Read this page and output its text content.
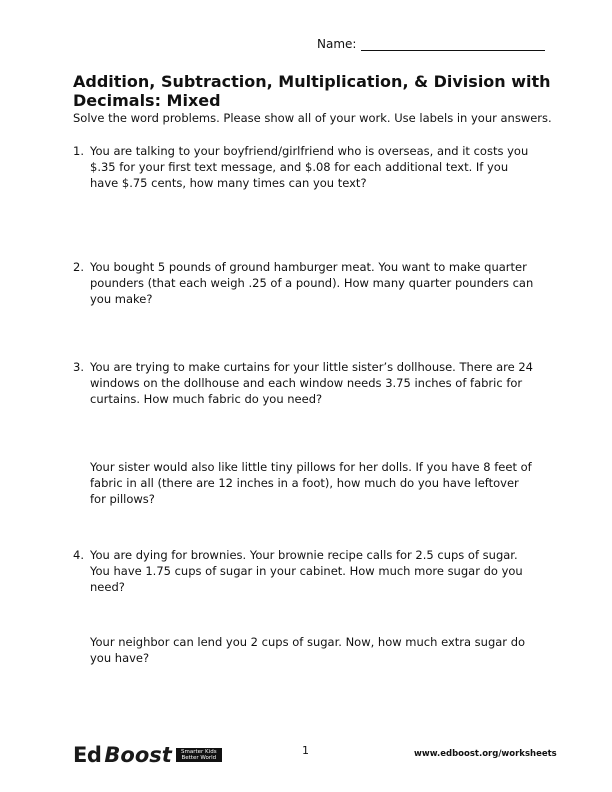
Name:
Addition, Subtraction, Multiplication, & Division with Decimals: Mixed
Solve the word problems. Please show all of your work. Use labels in your answers.
1. You are talking to your boyfriend/girlfriend who is overseas, and it costs you $.35 for your first text message, and $.08 for each additional text. If you have $.75 cents, how many times can you text?
2. You bought 5 pounds of ground hamburger meat. You want to make quarter pounders (that each weigh .25 of a pound). How many quarter pounders can you make?
3. You are trying to make curtains for your little sister’s dollhouse. There are 24 windows on the dollhouse and each window needs 3.75 inches of fabric for curtains. How much fabric do you need?
Your sister would also like little tiny pillows for her dolls. If you have 8 feet of fabric in all (there are 12 inches in a foot), how much do you have leftover for pillows?
4. You are dying for brownies. Your brownie recipe calls for 2.5 cups of sugar. You have 1.75 cups of sugar in your cabinet. How much more sugar do you need?
Your neighbor can lend you 2 cups of sugar. Now, how much extra sugar do you have?
Ed Boost	Smarter Kids Better World
1	www.edboost.org/worksheets
